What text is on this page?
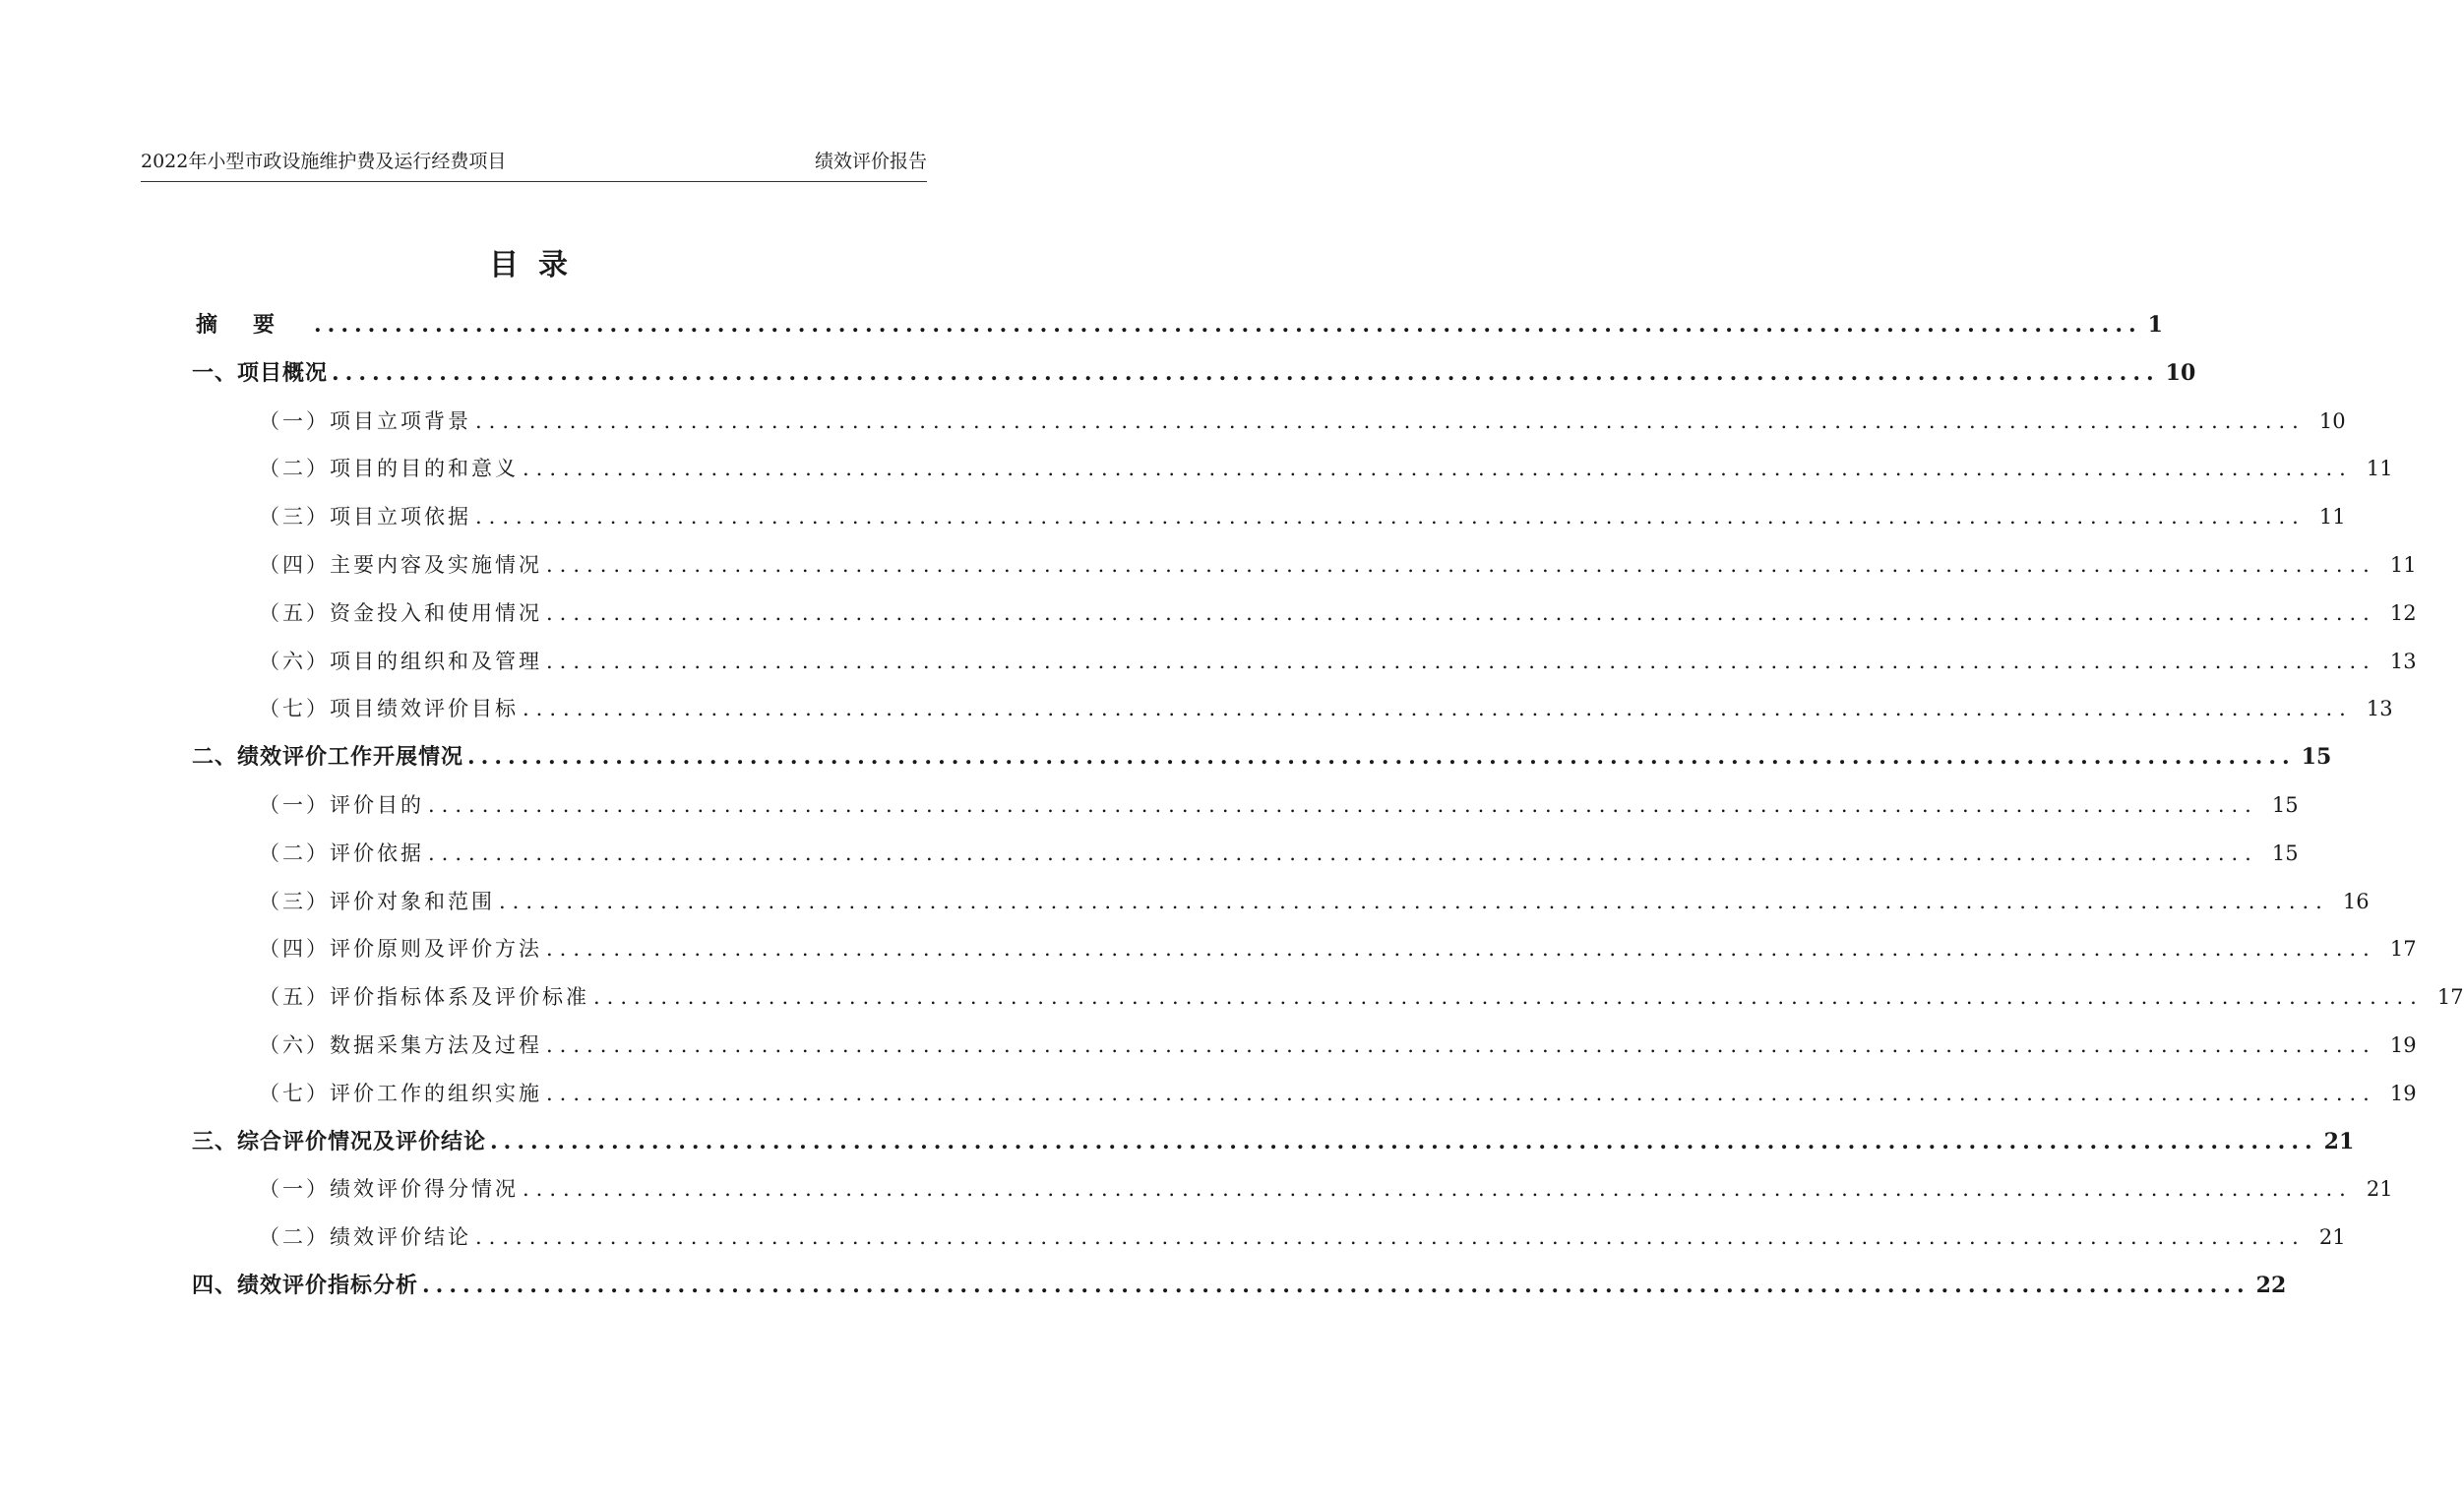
2022年小型市政设施维护费及运行经费项目	绩效评价报告
目录
摘要 ........................................................................................................................................ 1
一、项目概况 ........................................................................................................................................ 10
（一）项目立项背景 ........................................................................................................................................ 10
（二）项目的目的和意义 ........................................................................................................................................ 11
（三）项目立项依据 ........................................................................................................................................ 11
（四）主要内容及实施情况 ........................................................................................................................................ 11
（五）资金投入和使用情况 ........................................................................................................................................ 12
（六）项目的组织和及管理 ........................................................................................................................................ 13
（七）项目绩效评价目标 ........................................................................................................................................ 13
二、绩效评价工作开展情况 ........................................................................................................................................ 15
（一）评价目的 ........................................................................................................................................ 15
（二）评价依据 ........................................................................................................................................ 15
（三）评价对象和范围 ........................................................................................................................................ 16
（四）评价原则及评价方法 ........................................................................................................................................ 17
（五）评价指标体系及评价标准 ........................................................................................................................................ 17
（六）数据采集方法及过程 ........................................................................................................................................ 19
（七）评价工作的组织实施 ........................................................................................................................................ 19
三、综合评价情况及评价结论 ........................................................................................................................................ 21
（一）绩效评价得分情况 ........................................................................................................................................ 21
（二）绩效评价结论 ........................................................................................................................................ 21
四、绩效评价指标分析 ........................................................................................................................................ 22
